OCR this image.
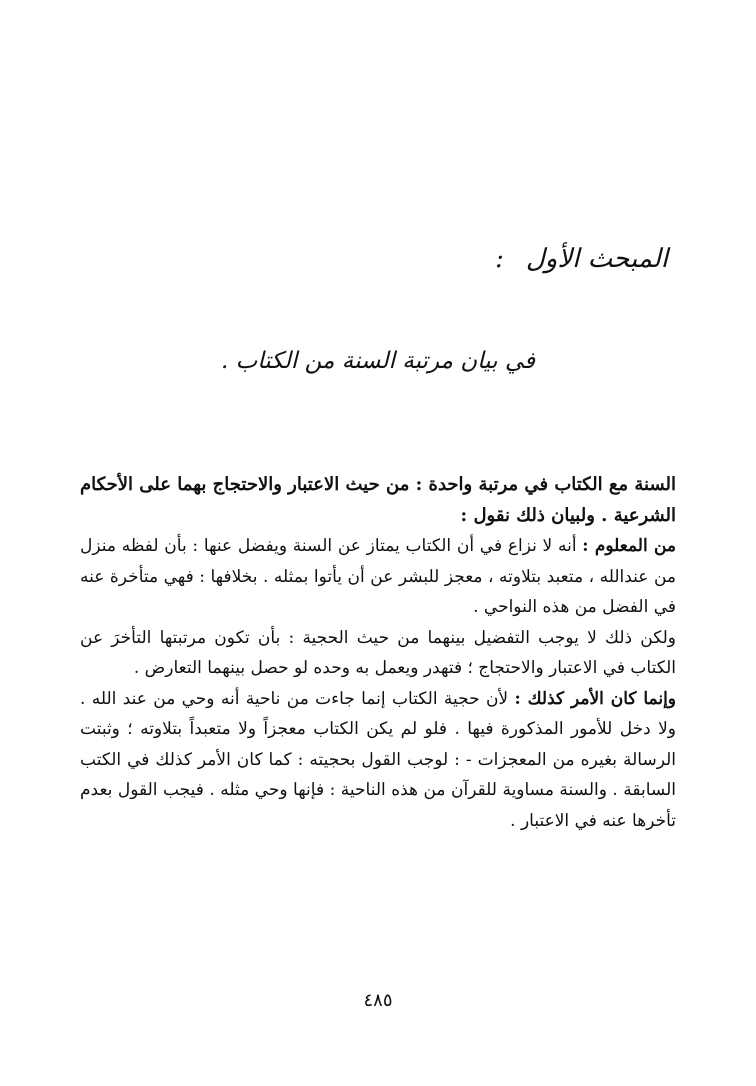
المبحث الأول:
في بيان مرتبة السنة من الكتاب .

السنة مع الكتاب في مرتبة واحدة : من حيث الاعتبار والاحتجاج بهما على الأحكام الشرعية . ولبيان ذلك نقول :

من المعلوم : أنه لا نزاع في أن الكتاب يمتاز عن السنة ويفضل عنها : بأن لفظه منزل من عندالله ، متعبد بتلاوته ، معجز للبشر عن أن يأتوا بمثله . بخلافها : فهي متأخرة عنه في الفضل من هذه النواحي .

ولكن ذلك لا يوجب التفضيل بينهما من حيث الحجية : بأن تكون مرتبتها التأخرَ عن الكتاب في الاعتبار والاحتجاج ؛ فتهدر ويعمل به وحده لو حصل بينهما التعارض .

وإنما كان الأمر كذلك : لأن حجية الكتاب إنما جاءت من ناحية أنه وحي من عند الله . ولا دخل للأمور المذكورة فيها . فلو لم يكن الكتاب معجزاً ولا متعبداً بتلاوته ؛ وثبتت الرسالة بغيره من المعجزات - : لوجب القول بحجيته : كما كان الأمر كذلك في الكتب السابقة . والسنة مساوية للقرآن من هذه الناحية : فإنها وحي مثله . فيجب القول بعدم تأخرها عنه في الاعتبار .

٤٨٥
